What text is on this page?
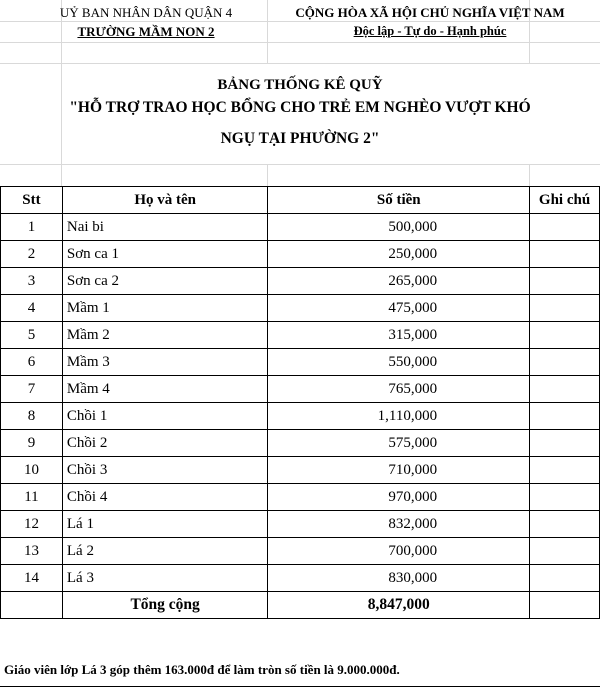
UỶ BAN NHÂN DÂN QUẬN 4
TRƯỜNG MẦM NON 2
CỘNG HÒA XÃ HỘI CHỦ NGHĨA VIỆT NAM
Độc lập - Tự do - Hạnh phúc
BẢNG THỐNG KÊ QUỸ
"HỖ TRỢ TRAO HỌC BỔNG CHO TRẺ EM NGHÈO VƯỢT KHÓ
NGỤ TẠI PHƯỜNG 2"
Stt	Họ và tên	Số tiền	Ghi chú
1	Nai bi	500,000	
2	Sơn ca 1	250,000	
3	Sơn ca 2	265,000	
4	Mầm 1	475,000	
5	Mầm 2	315,000	
6	Mầm 3	550,000	
7	Mầm 4	765,000	
8	Chồi 1	1,110,000	
9	Chồi 2	575,000	
10	Chồi 3	710,000	
11	Chồi 4	970,000	
12	Lá 1	832,000	
13	Lá 2	700,000	
14	Lá 3	830,000	
	Tổng cộng	8,847,000	
Giáo viên lớp Lá 3 góp thêm 163.000đ để làm tròn số tiền là 9.000.000đ.
